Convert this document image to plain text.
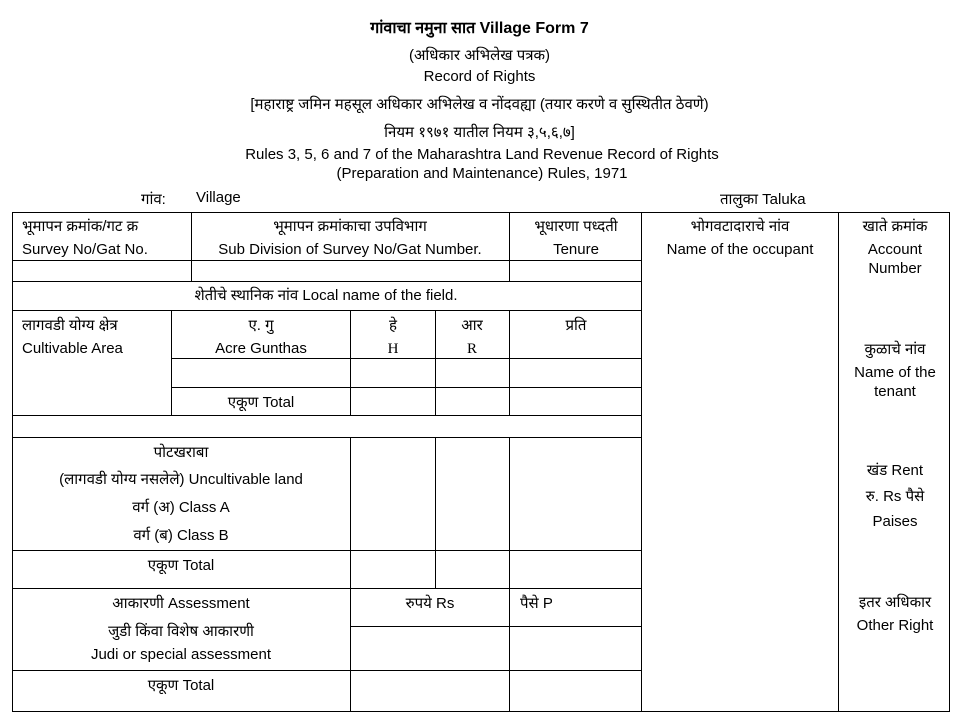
गांवाचा नमुना सात Village Form 7
(अधिकार अभिलेख पत्रक)
Record of Rights
[महाराष्ट्र जमिन महसूल अधिकार अभिलेख व नोंदवह्या (तयार करणे व सुस्थितीत ठेवणे)
नियम १९७१ यातील नियम ३,५,६,७]
Rules 3, 5, 6 and 7 of the Maharashtra Land Revenue Record of Rights
(Preparation and Maintenance) Rules, 1971
गांव: Village	तालुका Taluka
भूमापन क्रमांक/गट क्र
Survey No/Gat No.
भूमापन क्रमांकाचा उपविभाग
Sub Division of Survey No/Gat Number.
भूधारणा पध्दती
Tenure
भोगवटादाराचे नांव
Name of the occupant
खाते क्रमांक
Account
Number
शेतीचे स्थानिक नांव Local name of the field.
लागवडी योग्य क्षेत्र
Cultivable Area
ए. गु
Acre Gunthas
हे
H
आर
R
प्रति
एकूण Total
पोटखराबा
(लागवडी योग्य नसलेले) Uncultivable land
वर्ग (अ) Class A
वर्ग (ब) Class B
एकूण Total
आकारणी Assessment
जुडी किंवा विशेष आकारणी
Judi or special assessment
एकूण Total
रुपये Rs	पैसे P
कुळाचे नांव
Name of the
tenant
खंड Rent
रु. Rs पैसे
Paises
इतर अधिकार
Other Right
